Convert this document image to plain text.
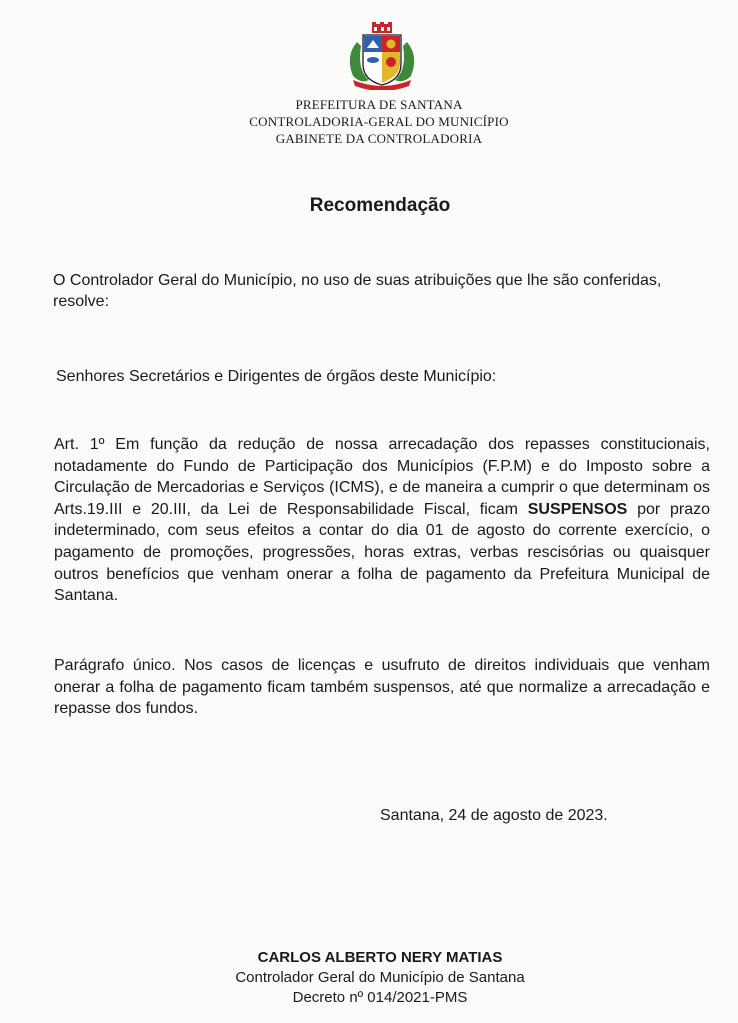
PREFEITURA DE SANTANA
CONTROLADORIA-GERAL DO MUNICÍPIO
GABINETE DA CONTROLADORIA
Recomendação
O Controlador Geral do Município, no uso de suas atribuições que lhe são conferidas, resolve:
Senhores Secretários e Dirigentes de órgãos deste Município:
Art. 1º Em função da redução de nossa arrecadação dos repasses constitucionais, notadamente do Fundo de Participação dos Municípios (F.P.M) e do Imposto sobre a Circulação de Mercadorias e Serviços (ICMS), e de maneira a cumprir o que determinam os Arts.19.III e 20.III, da Lei de Responsabilidade Fiscal, ficam SUSPENSOS por prazo indeterminado, com seus efeitos a contar do dia 01 de agosto do corrente exercício, o pagamento de promoções, progressões, horas extras, verbas rescisórias ou quaisquer outros benefícios que venham onerar a folha de pagamento da Prefeitura Municipal de Santana.
Parágrafo único. Nos casos de licenças e usufruto de direitos individuais que venham onerar a folha de pagamento ficam também suspensos, até que normalize a arrecadação e repasse dos fundos.
Santana, 24 de agosto de 2023.
CARLOS ALBERTO NERY MATIAS
Controlador Geral do Município de Santana
Decreto nº 014/2021-PMS
